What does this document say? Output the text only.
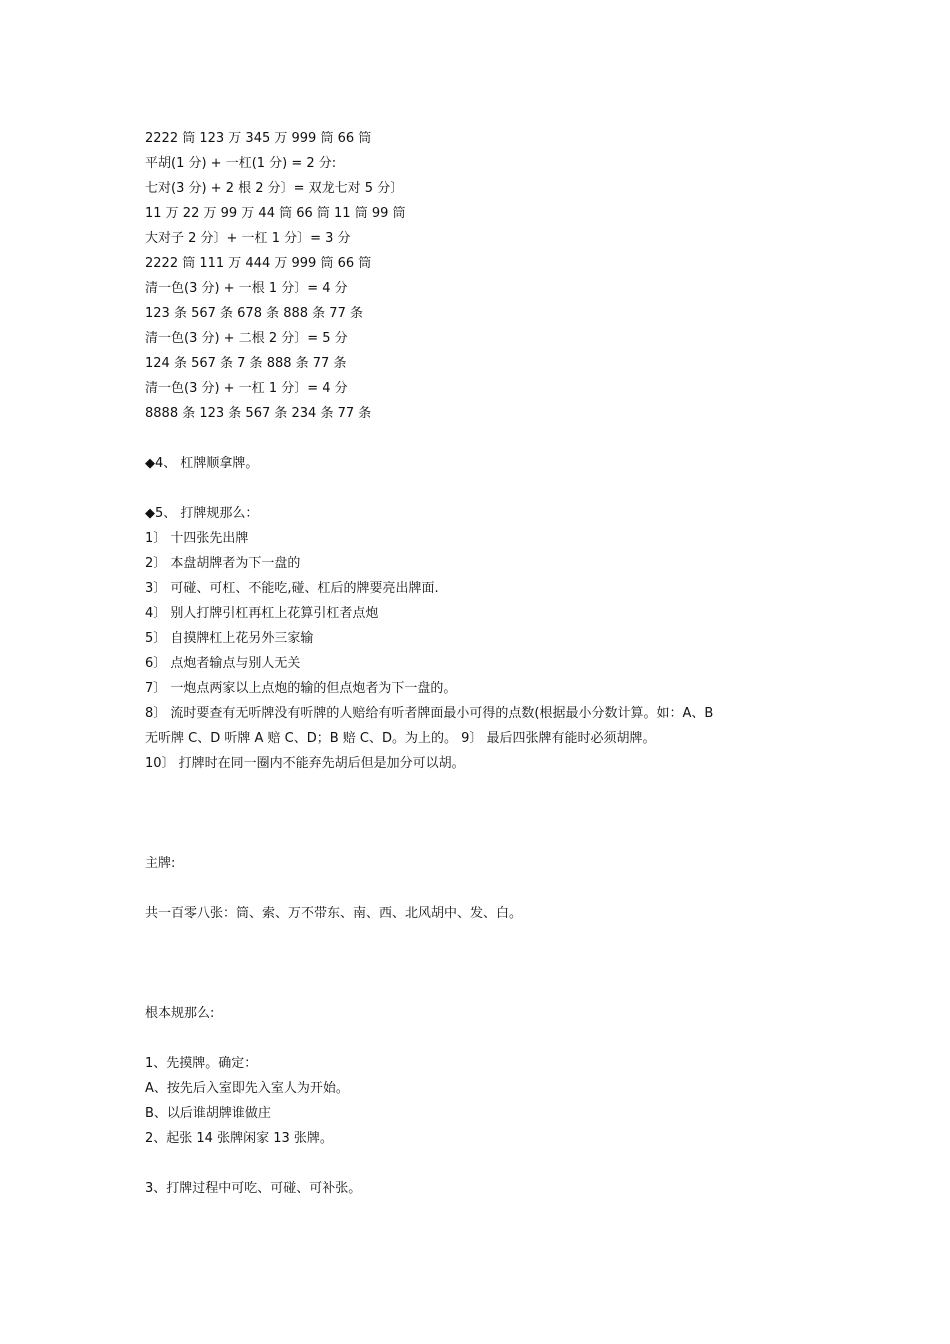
2222 筒 123 万 345 万 999 筒 66 筒

平胡(1 分) + 一杠(1 分) = 2 分:

七对(3 分) + 2 根 2 分〕= 双龙七对 5 分〕

11 万 22 万 99 万 44 筒 66 筒 11 筒 99 筒

大对子 2 分〕+ 一杠 1 分〕= 3 分

2222 筒 111 万 444 万 999 筒 66 筒

清一色(3 分) + 一根 1 分〕= 4 分

123 条 567 条 678 条 888 条 77 条

清一色(3 分) + 二根 2 分〕= 5 分

124 条 567 条 7 条 888 条 77 条

清一色(3 分) + 一杠 1 分〕= 4 分

8888 条 123 条 567 条 234 条 77 条

◆4、 杠牌顺拿牌。

◆5、 打牌规那么：

1〕 十四张先出牌

2〕 本盘胡牌者为下一盘的

3〕 可碰、可杠、不能吃,碰、杠后的牌要亮出牌面.

4〕 别人打牌引杠再杠上花算引杠者点炮

5〕 自摸牌杠上花另外三家输

6〕 点炮者输点与别人无关

7〕 一炮点两家以上点炮的输的但点炮者为下一盘的。

8〕 流时要查有无听牌没有听牌的人赔给有听者牌面最小可得的点数(根据最小分数计算。如：A、B

无听牌 C、D 听牌 A 赔 C、D；B 赔 C、D。为上的。 9〕 最后四张牌有能时必须胡牌。

10〕 打牌时在同一圈内不能弃先胡后但是加分可以胡。

主牌:

共一百零八张：筒、索、万不带东、南、西、北风胡中、发、白。

根本规那么:

1、先摸牌。确定：

A、按先后入室即先入室人为开始。

B、以后谁胡牌谁做庄

2、起张 14 张牌闲家 13 张牌。

3、打牌过程中可吃、可碰、可补张。
